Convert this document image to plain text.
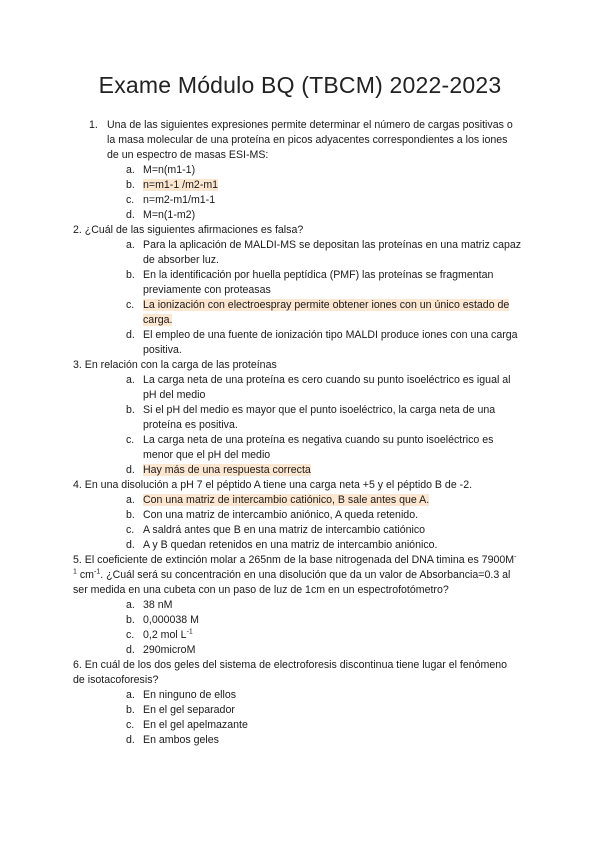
Exame Módulo BQ (TBCM) 2022-2023
1. Una de las siguientes expresiones permite determinar el número de cargas positivas o la masa molecular de una proteína en picos adyacentes correspondientes a los iones de un espectro de masas ESI-MS:
a. M=n(m1-1)
b. n=m1-1 /m2-m1
c. n=m2-m1/m1-1
d. M=n(1-m2)
2. ¿Cuál de las siguientes afirmaciones es falsa?
a. Para la aplicación de MALDI-MS se depositan las proteínas en una matriz capaz de absorber luz.
b. En la identificación por huella peptídica (PMF) las proteínas se fragmentan previamente con proteasas
c. La ionización con electroespray permite obtener iones con un único estado de carga.
d. El empleo de una fuente de ionización tipo MALDI produce iones con una carga positiva.
3. En relación con la carga de las proteínas
a. La carga neta de una proteína es cero cuando su punto isoeléctrico es igual al pH del medio
b. Si el pH del medio es mayor que el punto isoeléctrico, la carga neta de una proteína es positiva.
c. La carga neta de una proteína es negativa cuando su punto isoeléctrico es menor que el pH del medio
d. Hay más de una respuesta correcta
4. En una disolución a pH 7 el péptido A tiene una carga neta +5 y el péptido B de -2.
a. Con una matriz de intercambio catiónico, B sale antes que A.
b. Con una matriz de intercambio aniónico, A queda retenido.
c. A saldrá antes que B en una matriz de intercambio catiónico
d. A y B quedan retenidos en una matriz de intercambio aniónico.
5. El coeficiente de extinción molar a 265nm de la base nitrogenada del DNA timina es $7900M^{-1}$ $cm^{-1}$. ¿Cuál será su concentración en una disolución que da un valor de Absorbancia=0.3 al ser medida en una cubeta con un paso de luz de 1cm en un espectrofotómetro?
a. 38 nM
b. 0,000038 M
c. 0,2 mol $L^{-1}$
d. 290microM
6. En cuál de los dos geles del sistema de electroforesis discontinua tiene lugar el fenómeno de isotacoforesis?
a. En ninguno de ellos
b. En el gel separador
c. En el gel apelmazante
d. En ambos geles
